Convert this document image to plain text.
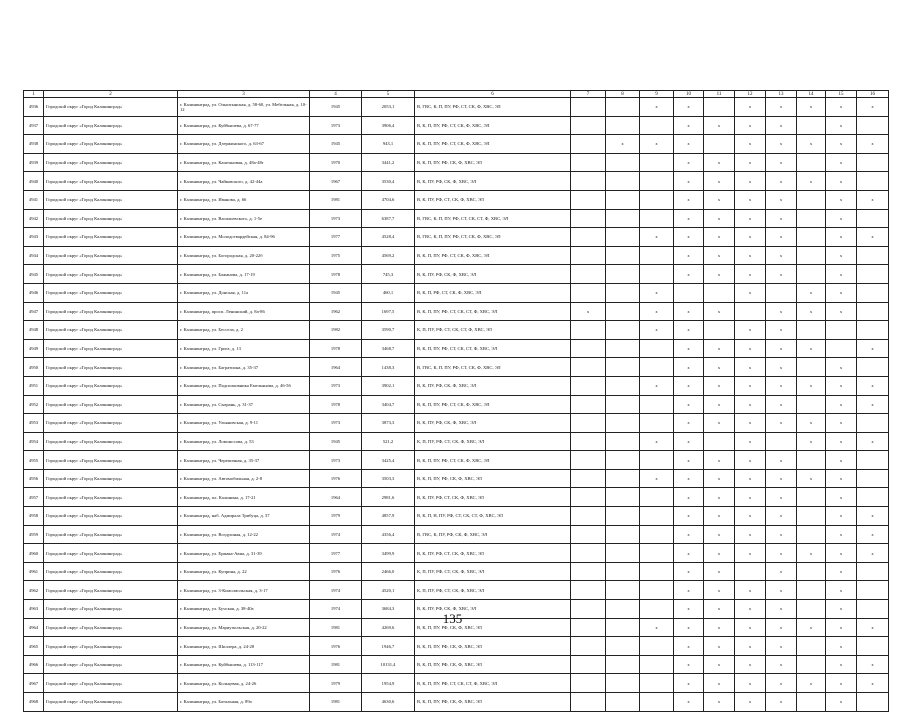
1	2	3	4	5	6	7	8	9	10	11	12	13	14	15	16
4936	Городской округ «Город Калининград»	г. Калининград, ул. Ольштынская, д. 58-60, ул. Мебельная, д. 10-12	1945	2053,1	В, ГВС, К, П, ПУ, РФ, СТ, СК, Ф, ХВС, ЭЛ			x	x		x	x	x	x	x
4937	Городской округ «Город Калининград»	г. Калининград, ул. Куйбышева, д. 67-77	1973	3906,4	В, К, П, ПУ, РФ, СТ, СК, Ф, ХВС, ЭЛ				x	x	x	x		x	
4938	Городской округ «Город Калининград»	г. Калининград, ул. Дзержинского, д. 63-67	1945	943,1	В, К, П, ПУ, РФ, СТ, СК, Ф, ХВС, ЭЛ		x	x	x		x	x	x	x	x
4939	Городской округ «Город Калининград»	г. Калининград, ул. Каштановая, д. 48а-48г	1970	3441,2	В, К, П, ПУ, РФ, СК, Ф, ХВС, ЭЛ				x	x	x	x		x	
4940	Городской округ «Город Калининград»	г. Калининград, ул. Чайковского, д. 42-44а	1967	3530,4	В, К, ПУ, РФ, СК, Ф, ХВС, ЭЛ				x	x	x	x	x	x	
4941	Городской округ «Город Калининград»	г. Калининград, ул. Иванова, д. 66	1981	4704,6	В, К, ПУ, РФ, СТ, СК, Ф, ХВС, ЭЛ				x	x	x	x		x	x
4942	Городской округ «Город Калининград»	г. Калининград, ул. Васильевского, д. 1-5е	1973	6387,7	В, ГВС, К, П, ПУ, РФ, СТ, СК, СТ, Ф, ХВС, ЭЛ				x	x	x	x		x	
4943	Городской округ «Город Калининград»	г. Калининград, ул. Молодогвардейская, д. 84-96	1977	4528,4	В, ГВС, К, П, ПУ, РФ, СТ, СК, Ф, ХВС, ЭЛ			x	x	x	x	x		x	x
4944	Городской округ «Город Калининград»	г. Калининград, ул. Богородская, д. 20-22б	1975	4569,2	В, К, П, ПУ, РФ, СТ, СК, Ф, ХВС, ЭЛ				x	x	x	x		x	
4945	Городской округ «Город Калининград»	г. Калининград, ул. Бажанова, д. 17-19	1978	745,3	В, К, ПУ, РФ, СК, Ф, ХВС, ЭЛ				x	x	x	x		x	
4946	Городской округ «Город Калининград»	г. Калининград, ул. Донская, д. 11а	1945	460,1	В, К, П, РФ, СТ, СК, Ф, ХВС, ЭЛ			x			x		x	x	
4947	Городской округ «Город Калининград»	г. Калининград, просп. Ленинский, д. 8а-86	1962	1697,5	В, К, П, ПУ, РФ, СТ, СК, СТ, Ф, ХВС, ЭЛ	x		x	x	x		x	x	x	
4948	Городской округ «Город Калининград»	г. Калининград, ул. Бессела, д. 2	1982	3590,7	К, П, ПУ, РФ, СТ, СК, СТ, Ф, ХВС, ЭЛ			x	x		x	x			
4949	Городской округ «Город Калининград»	г. Калининград, ул. Грига, д. 13	1978	3468,7	В, К, П, ПУ, РФ, СТ, СК, СТ, Ф, ХВС, ЭЛ				x	x	x	x	x		x
4950	Городской округ «Город Калининград»	г. Калининград, ул. Багратиона, д. 35-37	1964	1438,3	В, ГВС, К, П, ПУ, РФ, СТ, СК, Ф, ХВС, ЭЛ				x	x	x	x		x	
4951	Городской округ «Город Калининград»	г. Калининград, ул. Подполковника Емельянова, д. 46-56	1973	3902,1	В, К, ПУ, РФ, СК, Ф, ХВС, ЭЛ			x	x	x	x	x	x	x	x
4952	Городской округ «Город Калининград»	г. Калининград, ул. Сызрань, д. 31-37	1978	3404,7	В, К, П, ПУ, РФ, СТ, СК, Ф, ХВС, ЭЛ				x	x	x	x		x	x
4953	Городской округ «Город Калининград»	г. Калининград, ул. Ульяновская, д. 9-11	1973	3873,3	В, К, ПУ, РФ, СК, Ф, ХВС, ЭЛ				x	x	x	x	x	x	
4954	Городской округ «Город Калининград»	г. Калининград, ул. Ломоносова, д. 53	1945	521,2	К, П, ПУ, РФ, СТ, СК, Ф, ХВС, ЭЛ			x	x		x		x	x	x
4955	Городской округ «Город Калининград»	г. Калининград, ул. Черепичная, д. 35-37	1973	3425,4	В, К, П, ПУ, РФ, СТ, СК, Ф, ХВС, ЭЛ				x	x	x	x		x	
4956	Городской округ «Город Калининград»	г. Калининград, ул. Автомобильная, д. 2-8	1976	3503,3	В, К, П, ПУ, РФ, СК, Ф, ХВС, ЭЛ			x	x	x	x	x	x	x	
4957	Городской округ «Город Калининград»	г. Калининград, пл. Калинина, д. 17-21	1964	2981,6	В, К, ПУ, РФ, СТ, СК, Ф, ХВС, ЭЛ				x	x	x	x		x	
4958	Городской округ «Город Калининград»	г. Калининград, наб. Адмирала Трибуца, д. 37	1979	4857,9	В, К, П, Н, ПУ, РФ, СТ, СК, СТ, Ф, ХВС, ЭЛ				x	x	x	x		x	x
4959	Городской округ «Город Калининград»	г. Калининград, ул. Воздушная, д. 12-22	1974	4356,4	В, ГВС, К, ПУ, РФ, СК, Ф, ХВС, ЭЛ				x	x	x	x		x	x
4960	Городской округ «Город Калининград»	г. Калининград, ул. Ермака-Авиа, д. 31-39	1977	3499,9	В, К, ПУ, РФ, СТ, СК, Ф, ХВС, ЭЛ				x	x	x	x	x	x	x
4961	Городской округ «Город Калининград»	г. Калининград, ул. Куприна, д. 22	1976	2466,0	К, П, ПУ, РФ, СТ, СК, Ф, ХВС, ЭЛ				x	x		x		x	
4962	Городской округ «Город Калининград»	г. Калининград, ул. 3-Комсомольская, д. 3-17	1974	4520,1	К, П, ПУ, РФ, СТ, СК, Ф, ХВС, ЭЛ				x	x	x	x		x	
4963	Городской округ «Город Калининград»	г. Калининград, ул. Бучская, д. 38-40а	1974	3684,3	В, К, ПУ, РФ, СК, Ф, ХВС, ЭЛ				x	x	x	x		x	
4964	Городской округ «Город Калининград»	г. Калининград, ул. Мариупольская, д. 20-22	1981	4269,6	В, К, П, ПУ, РФ, СК, Ф, ХВС, ЭЛ			x	x	x	x	x	x	x	x
4965	Городской округ «Город Калининград»	г. Калининград, ул. Шиллера, д. 24-28	1976	1946,7	В, К, П, ПУ, РФ, СК, Ф, ХВС, ЭЛ				x	x	x	x		x	
4966	Городской округ «Город Калининград»	г. Калининград, ул. Куйбышева, д. 113-117	1981	10131,4	В, К, П, ПУ, РФ, СК, Ф, ХВС, ЭЛ				x	x	x	x		x	x
4967	Городской округ «Город Калининград»	г. Калининград, ул. Кольцевая, д. 24-26	1979	1954,9	В, К, П, ПУ, РФ, СТ, СК, СТ, Ф, ХВС, ЭЛ				x	x	x	x	x	x	x
4968	Городской округ «Город Калининград»	г. Калининград, ул. Батальная, д. 89а	1981	4630,6	В, К, П, ПУ, РФ, СК, Ф, ХВС, ЭЛ				x	x	x	x		x	
135
